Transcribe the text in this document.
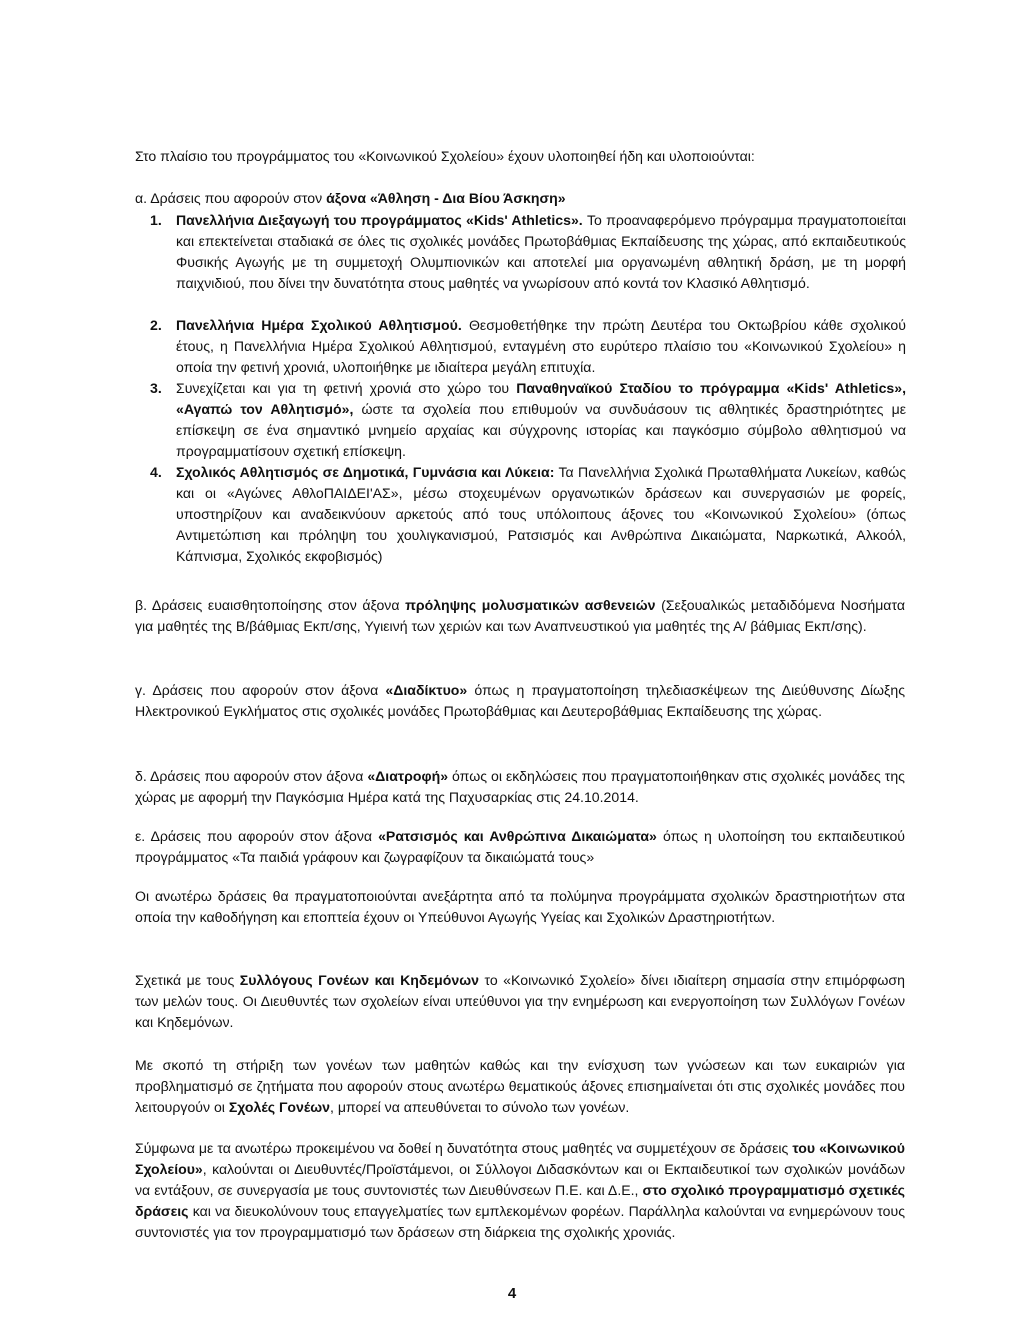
Στο πλαίσιο του προγράμματος του «Κοινωνικού Σχολείου» έχουν υλοποιηθεί ήδη και υλοποιούνται:

α. Δράσεις που αφορούν στον άξονα «Άθληση - Δια Βίου Άσκηση»

1. Πανελλήνια Διεξαγωγή του προγράμματος «Kids' Athletics». Το προαναφερόμενο πρόγραμμα πραγματοποιείται και επεκτείνεται σταδιακά σε όλες τις σχολικές μονάδες Πρωτοβάθμιας Εκπαίδευσης της χώρας, από εκπαιδευτικούς Φυσικής Αγωγής με τη συμμετοχή Ολυμπιονικών και αποτελεί μια οργανωμένη αθλητική δράση, με τη μορφή παιχνιδιού, που δίνει την δυνατότητα στους μαθητές να γνωρίσουν από κοντά τον Κλασικό Αθλητισμό.

2. Πανελλήνια Ημέρα Σχολικού Αθλητισμού. Θεσμοθετήθηκε την πρώτη Δευτέρα του Οκτωβρίου κάθε σχολικού έτους, η Πανελλήνια Ημέρα Σχολικού Αθλητισμού, ενταγμένη στο ευρύτερο πλαίσιο του «Κοινωνικού Σχολείου» η οποία την φετινή χρονιά, υλοποιήθηκε με ιδιαίτερα μεγάλη επιτυχία.

3. Συνεχίζεται και για τη φετινή χρονιά στο χώρο του Παναθηναϊκού Σταδίου το πρόγραμμα «Kids' Athletics», «Αγαπώ τον Αθλητισμό», ώστε τα σχολεία που επιθυμούν να συνδυάσουν τις αθλητικές δραστηριότητες με επίσκεψη σε ένα σημαντικό μνημείο αρχαίας και σύγχρονης ιστορίας και παγκόσμιο σύμβολο αθλητισμού να προγραμματίσουν σχετική επίσκεψη.

4. Σχολικός Αθλητισμός σε Δημοτικά, Γυμνάσια και Λύκεια: Τα Πανελλήνια Σχολικά Πρωταθλήματα Λυκείων, καθώς και οι «Αγώνες ΑθλοΠΑΙΔΕΙ'ΑΣ», μέσω στοχευμένων οργανωτικών δράσεων και συνεργασιών με φορείς, υποστηρίζουν και αναδεικνύουν αρκετούς από τους υπόλοιπους άξονες του «Κοινωνικού Σχολείου» (όπως Αντιμετώπιση και πρόληψη του χουλιγκανισμού, Ρατσισμός και Ανθρώπινα Δικαιώματα, Ναρκωτικά, Αλκοόλ, Κάπνισμα, Σχολικός εκφοβισμός)

β. Δράσεις ευαισθητοποίησης στον άξονα πρόληψης μολυσματικών ασθενειών (Σεξουαλικώς μεταδιδόμενα Νοσήματα για μαθητές της Β/βάθμιας Εκπ/σης, Υγιεινή των χεριών και των Αναπνευστικού για μαθητές της Α/ βάθμιας Εκπ/σης).

γ. Δράσεις που αφορούν στον άξονα «Διαδίκτυο» όπως η πραγματοποίηση τηλεδιασκέψεων της Διεύθυνσης Δίωξης Ηλεκτρονικού Εγκλήματος στις σχολικές μονάδες Πρωτοβάθμιας και Δευτεροβάθμιας Εκπαίδευσης της χώρας.

δ. Δράσεις που αφορούν στον άξονα «Διατροφή» όπως οι εκδηλώσεις που πραγματοποιήθηκαν στις σχολικές μονάδες της χώρας με αφορμή την Παγκόσμια Ημέρα κατά της Παχυσαρκίας στις 24.10.2014.

ε. Δράσεις που αφορούν στον άξονα «Ρατσισμός και Ανθρώπινα Δικαιώματα» όπως η υλοποίηση του εκπαιδευτικού προγράμματος «Τα παιδιά γράφουν και ζωγραφίζουν τα δικαιώματά τους»

Οι ανωτέρω δράσεις θα πραγματοποιούνται ανεξάρτητα από τα πολύμηνα προγράμματα σχολικών δραστηριοτήτων στα οποία την καθοδήγηση και εποπτεία έχουν οι Υπεύθυνοι Αγωγής Υγείας και Σχολικών Δραστηριοτήτων.

Σχετικά με τους Συλλόγους Γονέων και Κηδεμόνων το «Κοινωνικό Σχολείο» δίνει ιδιαίτερη σημασία στην επιμόρφωση των μελών τους. Οι Διευθυντές των σχολείων είναι υπεύθυνοι για την ενημέρωση και ενεργοποίηση των Συλλόγων Γονέων και Κηδεμόνων.

Με σκοπό τη στήριξη των γονέων των μαθητών καθώς και την ενίσχυση των γνώσεων και των ευκαιριών για προβληματισμό σε ζητήματα που αφορούν στους ανωτέρω θεματικούς άξονες επισημαίνεται ότι στις σχολικές μονάδες που λειτουργούν οι Σχολές Γονέων, μπορεί να απευθύνεται το σύνολο των γονέων.

Σύμφωνα με τα ανωτέρω προκειμένου να δοθεί η δυνατότητα στους μαθητές να συμμετέχουν σε δράσεις του «Κοινωνικού Σχολείου», καλούνται οι Διευθυντές/Προϊστάμενοι, οι Σύλλογοι Διδασκόντων και οι Εκπαιδευτικοί των σχολικών μονάδων να εντάξουν, σε συνεργασία με τους συντονιστές των Διευθύνσεων Π.Ε. και Δ.Ε., στο σχολικό προγραμματισμό σχετικές δράσεις και να διευκολύνουν τους επαγγελματίες των εμπλεκομένων φορέων. Παράλληλα καλούνται να ενημερώνουν τους συντονιστές για τον προγραμματισμό των δράσεων στη διάρκεια της σχολικής χρονιάς.

4
